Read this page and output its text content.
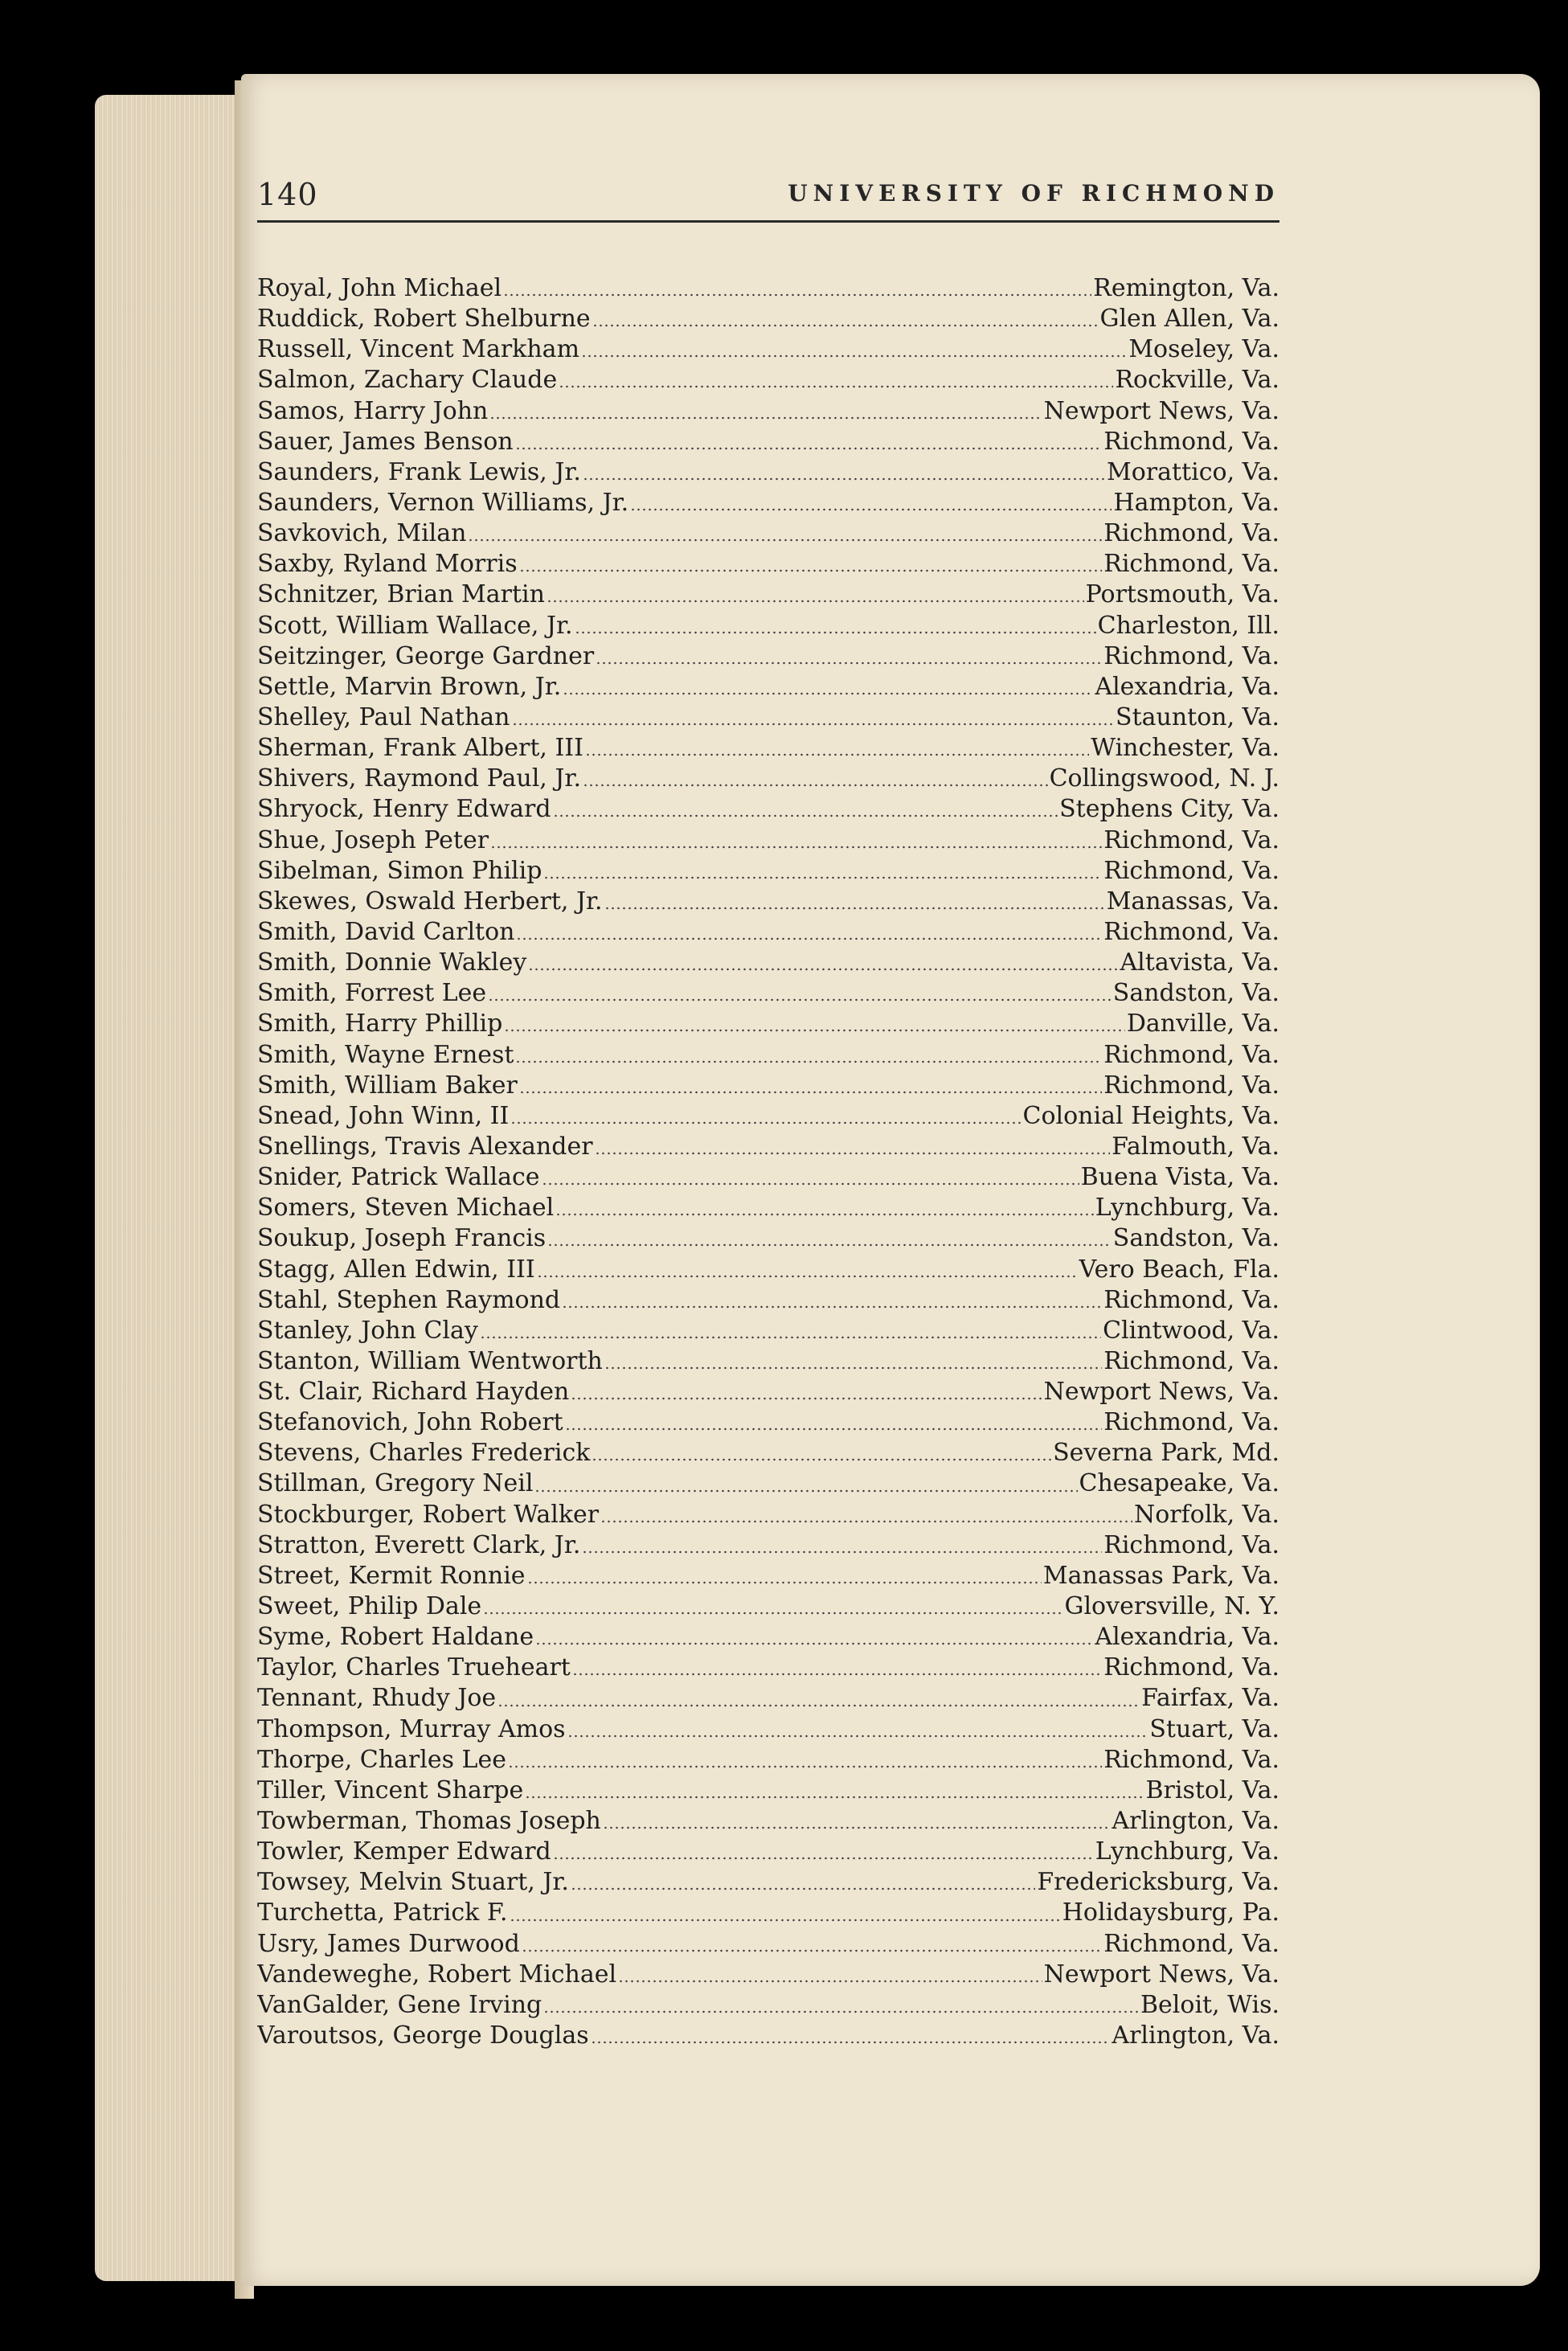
140	UNIVERSITY OF RICHMOND
Royal, John Michael	Remington, Va.
Ruddick, Robert Shelburne	Glen Allen, Va.
Russell, Vincent Markham	Moseley, Va.
Salmon, Zachary Claude	Rockville, Va.
Samos, Harry John	Newport News, Va.
Sauer, James Benson	Richmond, Va.
Saunders, Frank Lewis, Jr.	Morattico, Va.
Saunders, Vernon Williams, Jr.	Hampton, Va.
Savkovich, Milan	Richmond, Va.
Saxby, Ryland Morris	Richmond, Va.
Schnitzer, Brian Martin	Portsmouth, Va.
Scott, William Wallace, Jr.	Charleston, Ill.
Seitzinger, George Gardner	Richmond, Va.
Settle, Marvin Brown, Jr.	Alexandria, Va.
Shelley, Paul Nathan	Staunton, Va.
Sherman, Frank Albert, III	Winchester, Va.
Shivers, Raymond Paul, Jr.	Collingswood, N. J.
Shryock, Henry Edward	Stephens City, Va.
Shue, Joseph Peter	Richmond, Va.
Sibelman, Simon Philip	Richmond, Va.
Skewes, Oswald Herbert, Jr.	Manassas, Va.
Smith, David Carlton	Richmond, Va.
Smith, Donnie Wakley	Altavista, Va.
Smith, Forrest Lee	Sandston, Va.
Smith, Harry Phillip	Danville, Va.
Smith, Wayne Ernest	Richmond, Va.
Smith, William Baker	Richmond, Va.
Snead, John Winn, II	Colonial Heights, Va.
Snellings, Travis Alexander	Falmouth, Va.
Snider, Patrick Wallace	Buena Vista, Va.
Somers, Steven Michael	Lynchburg, Va.
Soukup, Joseph Francis	Sandston, Va.
Stagg, Allen Edwin, III	Vero Beach, Fla.
Stahl, Stephen Raymond	Richmond, Va.
Stanley, John Clay	Clintwood, Va.
Stanton, William Wentworth	Richmond, Va.
St. Clair, Richard Hayden	Newport News, Va.
Stefanovich, John Robert	Richmond, Va.
Stevens, Charles Frederick	Severna Park, Md.
Stillman, Gregory Neil	Chesapeake, Va.
Stockburger, Robert Walker	Norfolk, Va.
Stratton, Everett Clark, Jr.	Richmond, Va.
Street, Kermit Ronnie	Manassas Park, Va.
Sweet, Philip Dale	Gloversville, N. Y.
Syme, Robert Haldane	Alexandria, Va.
Taylor, Charles Trueheart	Richmond, Va.
Tennant, Rhudy Joe	Fairfax, Va.
Thompson, Murray Amos	Stuart, Va.
Thorpe, Charles Lee	Richmond, Va.
Tiller, Vincent Sharpe	Bristol, Va.
Towberman, Thomas Joseph	Arlington, Va.
Towler, Kemper Edward	Lynchburg, Va.
Towsey, Melvin Stuart, Jr.	Fredericksburg, Va.
Turchetta, Patrick F.	Holidaysburg, Pa.
Usry, James Durwood	Richmond, Va.
Vandeweghe, Robert Michael	Newport News, Va.
VanGalder, Gene Irving	Beloit, Wis.
Varoutsos, George Douglas	Arlington, Va.
